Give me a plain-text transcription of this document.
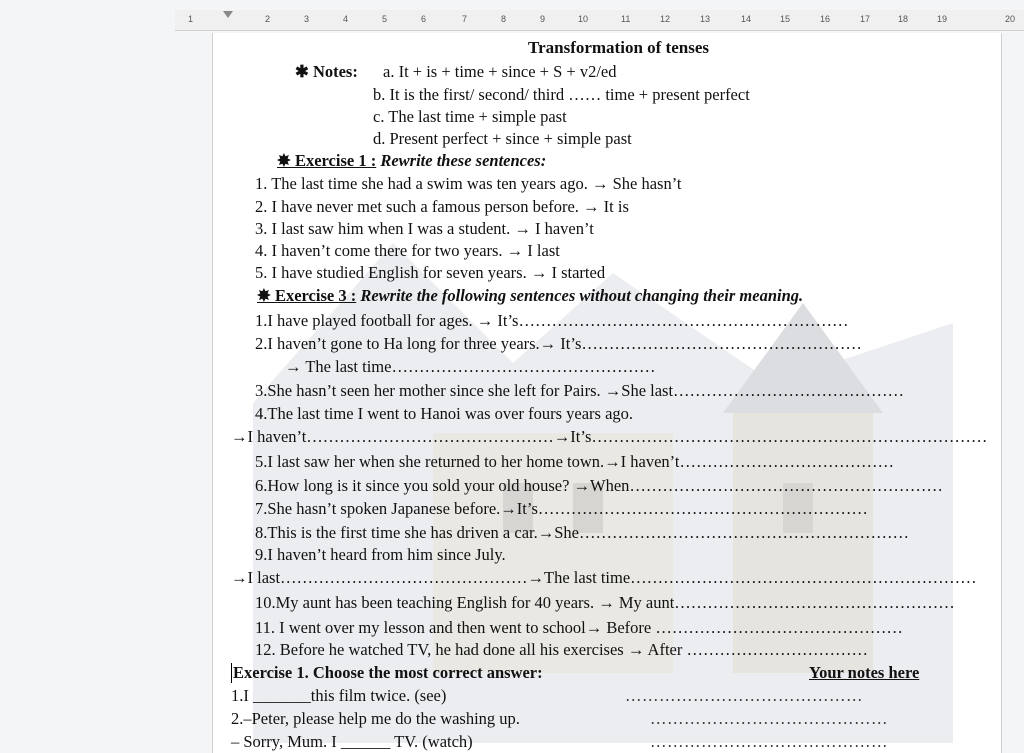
1	2	3	4	5	6	7	8	9	10	11	12	13	14	15	16	17	18	19	20
Transformation of tenses
✱ Notes: a. It + is + time + since + S + v2/ed
b. It is the first/ second/ third …… time + present perfect
c. The last time + simple past
d. Present perfect + since + simple past
✸ Exercise 1 : Rewrite these sentences:
1. The last time she had a swim was ten years ago. → She hasn’t
2. I have never met such a famous person before. → It is
3. I last saw him when I was a student. → I haven’t
4. I haven’t come there for two years. → I last
5. I have studied English for seven years. → I started
✸ Exercise 3 : Rewrite the following sentences without changing their meaning.
1.I have played football for ages. → It’s……………………………………………………
2.I haven’t gone to Ha long for three years.→ It’s……………………………………………
→ The last time…………………………………………
3.She hasn’t seen her mother since she left for Pairs. →She last……………………………………
4.The last time I went to Hanoi was over fours years ago.
→I haven’t………………………………………→It’s………………………………………………………………
5.I last saw her when she returned to her home town.→I haven’t…………………………………
6.How long is it since you sold your old house? →When…………………………………………………
7.She hasn’t spoken Japanese before.→It’s……………………………………………………
8.This is the first time she has driven a car.→She……………………………………………………
9.I haven’t heard from him since July.
→I last………………………………………→The last time………………………………………………………
10.My aunt has been teaching English for 40 years. → My aunt……………………………………………
11. I went over my lesson and then went to school→ Before ………………………………………
12. Before he watched TV, he had done all his exercises → After ……………………………
Exercise 1. Choose the most correct answer:	Your notes here
1.I _______this film twice. (see)
2.–Peter, please help me do the washing up.
– Sorry, Mum. I ______ TV. (watch)
……………………………………
……………………………………
……………………………………
